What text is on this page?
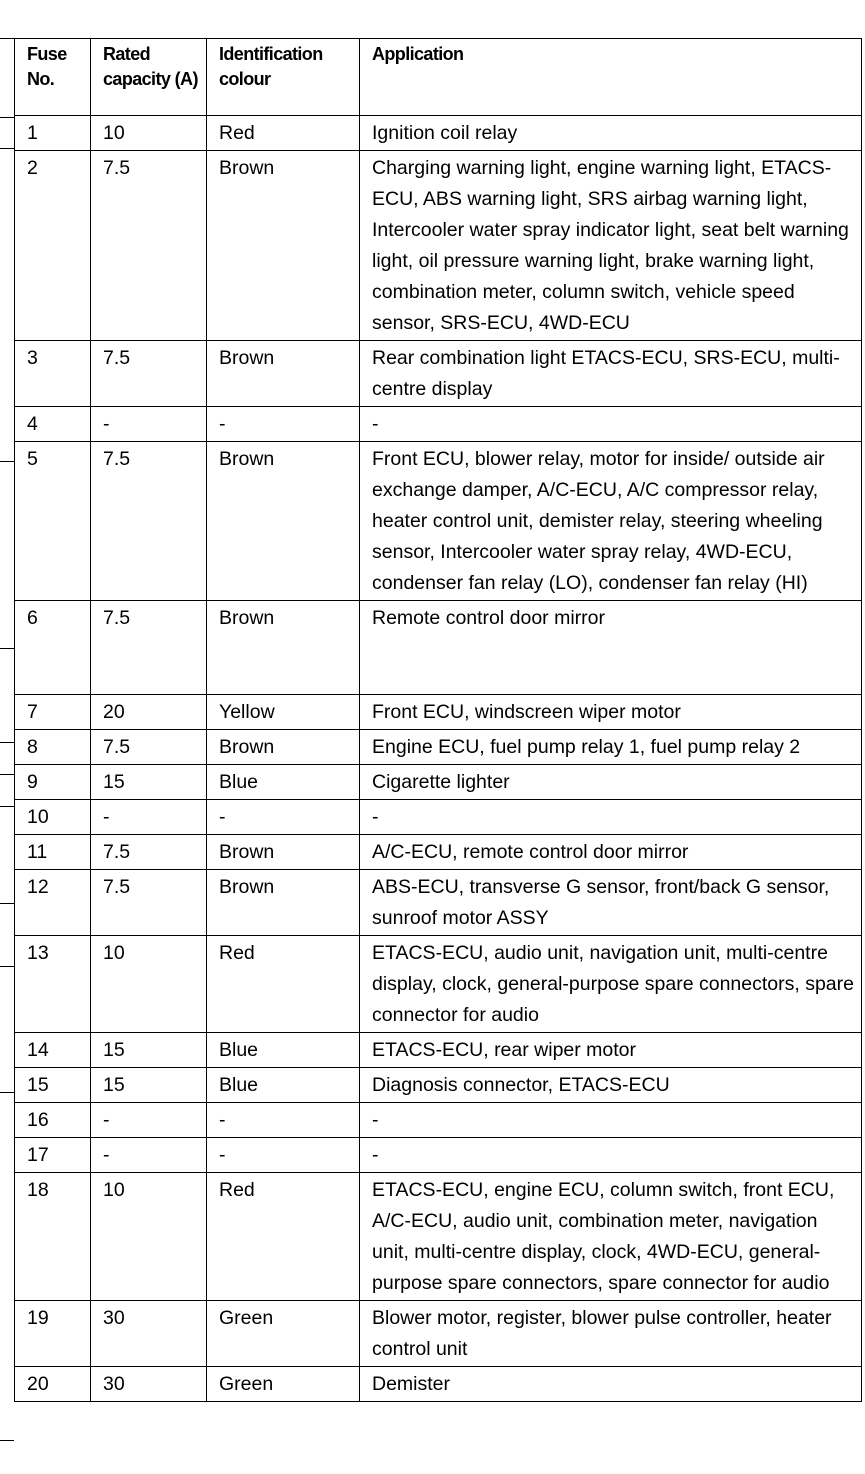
Fuse No.	Rated capacity (A)	Identification colour	Application
1	10	Red	Ignition coil relay
2	7.5	Brown	Charging warning light, engine warning light, ETACS-ECU, ABS warning light, SRS airbag warning light, Intercooler water spray indicator light, seat belt warning light, oil pressure warning light, brake warning light, combination meter, column switch, vehicle speed sensor, SRS-ECU, 4WD-ECU
3	7.5	Brown	Rear combination light ETACS-ECU, SRS-ECU, multi-centre display
4	-	-	-
5	7.5	Brown	Front ECU, blower relay, motor for inside/ outside air exchange damper, A/C-ECU, A/C compressor relay, heater control unit, demister relay, steering wheeling sensor, Intercooler water spray relay, 4WD-ECU, condenser fan relay (LO), condenser fan relay (HI)
6	7.5	Brown	Remote control door mirror
7	20	Yellow	Front ECU, windscreen wiper motor
8	7.5	Brown	Engine ECU, fuel pump relay 1, fuel pump relay 2
9	15	Blue	Cigarette lighter
10	-	-	-
11	7.5	Brown	A/C-ECU, remote control door mirror
12	7.5	Brown	ABS-ECU, transverse G sensor, front/back G sensor, sunroof motor ASSY
13	10	Red	ETACS-ECU, audio unit, navigation unit, multi-centre display, clock, general-purpose spare connectors, spare connector for audio
14	15	Blue	ETACS-ECU, rear wiper motor
15	15	Blue	Diagnosis connector, ETACS-ECU
16	-	-	-
17	-	-	-
18	10	Red	ETACS-ECU, engine ECU, column switch, front ECU, A/C-ECU, audio unit, combination meter, navigation unit, multi-centre display, clock, 4WD-ECU, general-purpose spare connectors, spare connector for audio
19	30	Green	Blower motor, register, blower pulse controller, heater control unit
20	30	Green	Demister
